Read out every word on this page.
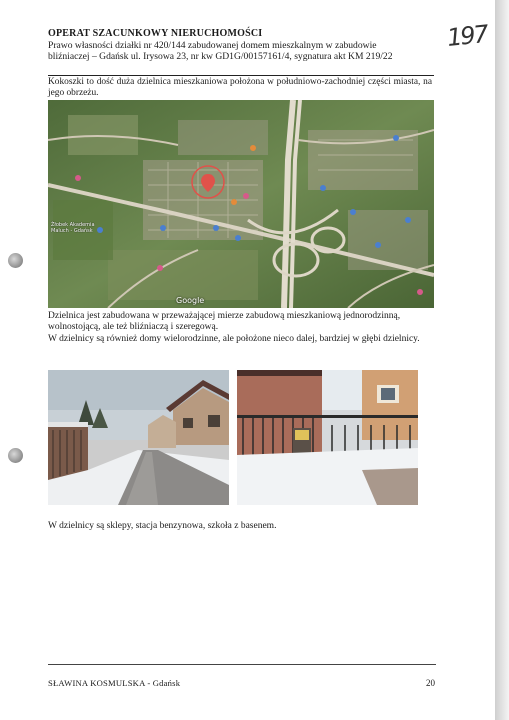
197
OPERAT SZACUNKOWY NIERUCHOMOŚCI
Prawo własności działki nr 420/144 zabudowanej domem mieszkalnym w zabudowie
bliźniaczej – Gdańsk ul. Irysowa 23, nr kw GD1G/00157161/4, sygnatura akt KM 219/22
Kokoszki to dość duża dzielnica mieszkaniowa położona w południowo-zachodniej części miasta, na jego obrzeżu.
Żłobek Akademia Maluch - Gdańsk
Google
Dzielnica jest zabudowana w przeważającej mierze zabudową mieszkaniową jednorodzinną,
wolnostojącą, ale też bliźniaczą i szeregową.
W dzielnicy są również domy wielorodzinne, ale położone nieco dalej, bardziej w głębi dzielnicy.
W dzielnicy są sklepy, stacja benzynowa, szkoła z basenem.
SŁAWINA KOSMULSKA - Gdańsk	20
